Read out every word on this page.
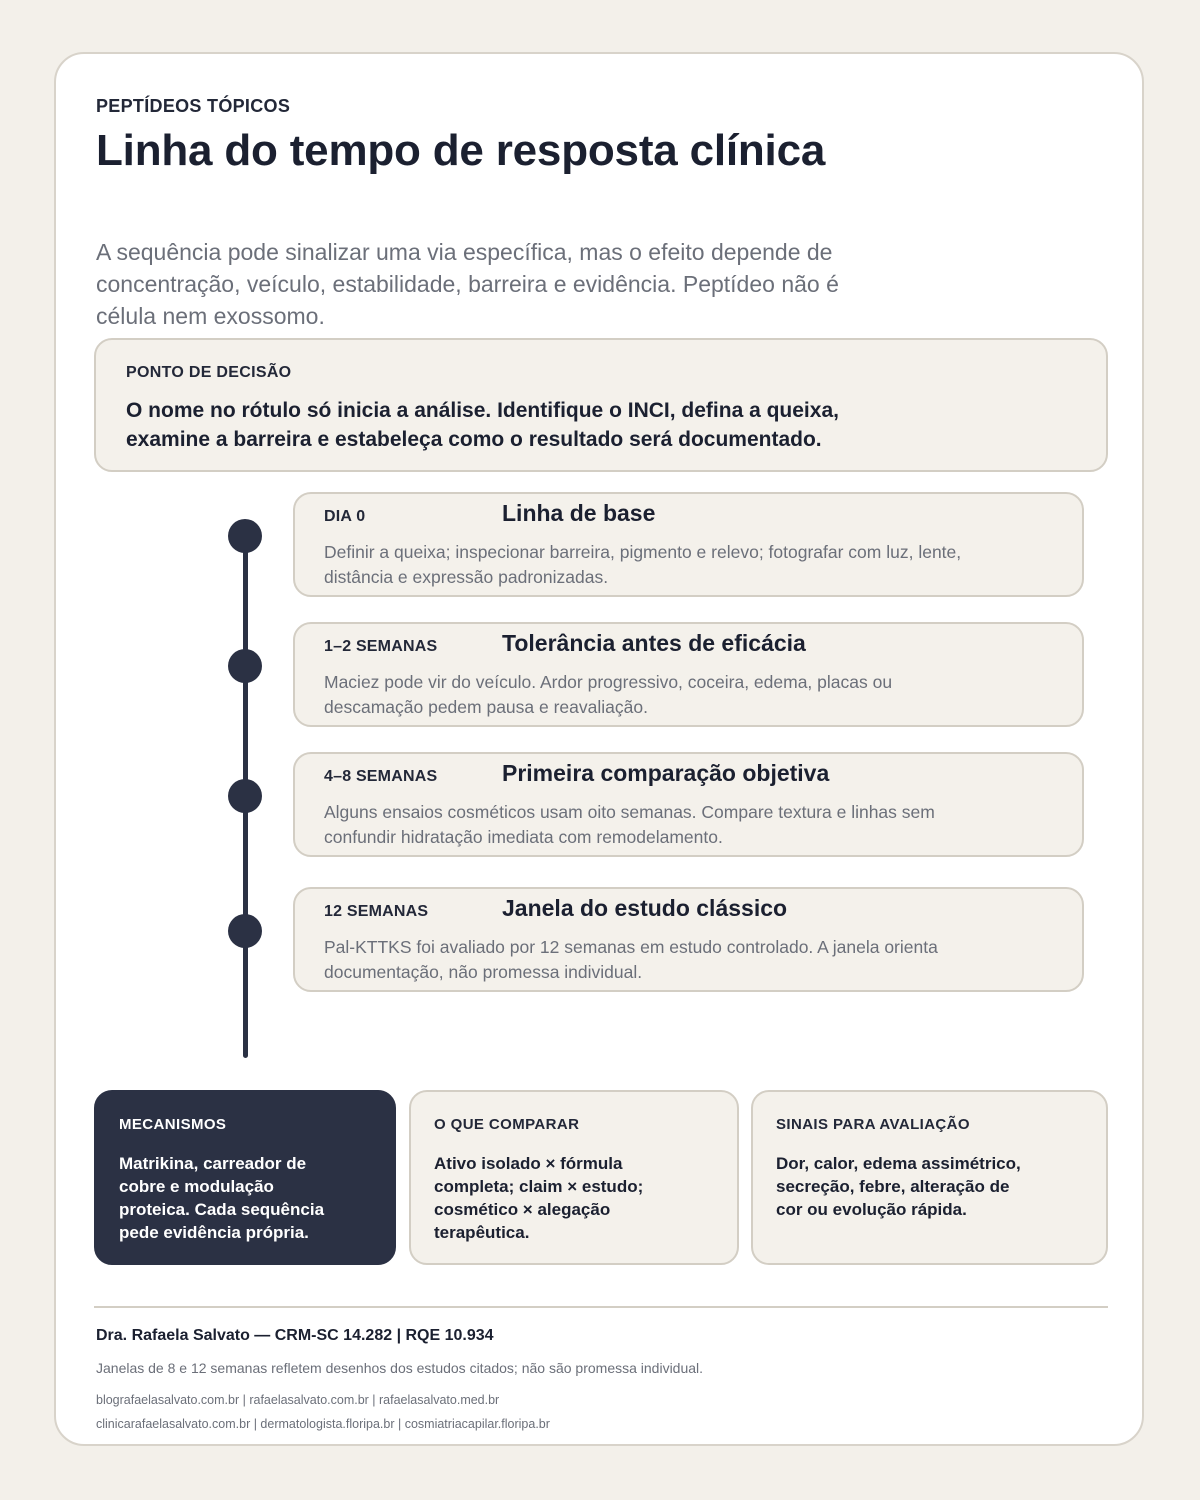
PEPTÍDEOS TÓPICOS
Linha do tempo de resposta clínica

A sequência pode sinalizar uma via específica, mas o efeito depende de concentração, veículo, estabilidade, barreira e evidência. Peptídeo não é célula nem exossomo.

PONTO DE DECISÃO

O nome no rótulo só inicia a análise. Identifique o INCI, defina a queixa, examine a barreira e estabeleça como o resultado será documentado.

DIA 0	Linha de base

Definir a queixa; inspecionar barreira, pigmento e relevo; fotografar com luz, lente, distância e expressão padronizadas.

1–2 SEMANAS	Tolerância antes de eficácia

Maciez pode vir do veículo. Ardor progressivo, coceira, edema, placas ou descamação pedem pausa e reavaliação.

4–8 SEMANAS	Primeira comparação objetiva

Alguns ensaios cosméticos usam oito semanas. Compare textura e linhas sem confundir hidratação imediata com remodelamento.

12 SEMANAS	Janela do estudo clássico

Pal-KTTKS foi avaliado por 12 semanas em estudo controlado. A janela orienta documentação, não promessa individual.

MECANISMOS

Matrikina, carreador de cobre e modulação proteica. Cada sequência pede evidência própria.

O QUE COMPARAR

Ativo isolado × fórmula completa; claim × estudo; cosmético × alegação terapêutica.

SINAIS PARA AVALIAÇÃO

Dor, calor, edema assimétrico, secreção, febre, alteração de cor ou evolução rápida.

Dra. Rafaela Salvato — CRM-SC 14.282 | RQE 10.934
Janelas de 8 e 12 semanas refletem desenhos dos estudos citados; não são promessa individual.
blografaelasalvato.com.br | rafaelasalvato.com.br | rafaelasalvato.med.br
clinicarafaelasalvato.com.br | dermatologista.floripa.br | cosmiatriacapilar.floripa.br
